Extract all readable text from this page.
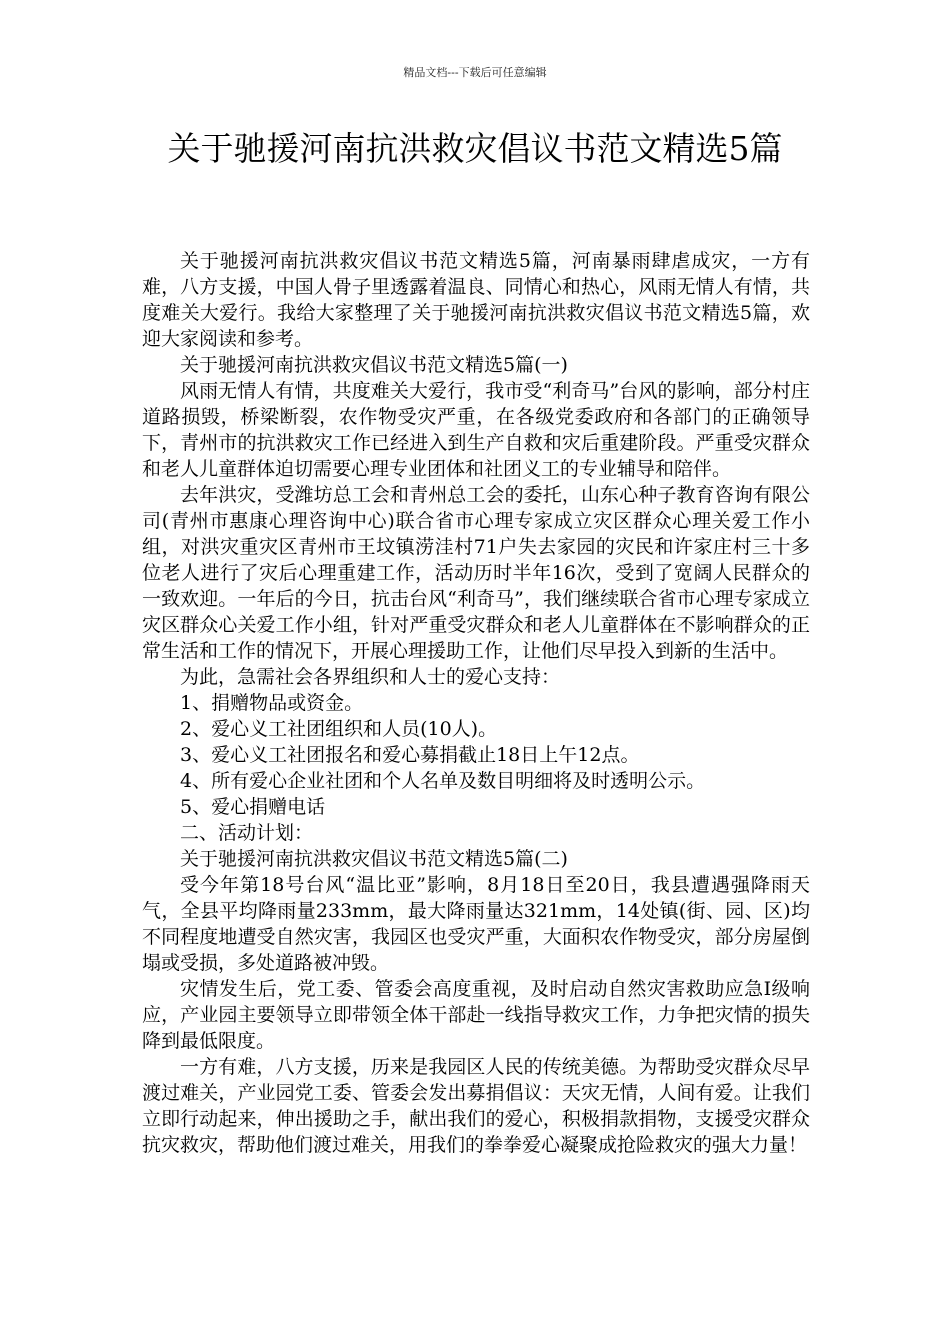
精品文档---下载后可任意编辑
关于驰援河南抗洪救灾倡议书范文精选5篇

关于驰援河南抗洪救灾倡议书范文精选5篇，河南暴雨肆虐成灾，一方有难，八方支援，中国人骨子里透露着温良、同情心和热心，风雨无情人有情，共度难关大爱行。我给大家整理了关于驰援河南抗洪救灾倡议书范文精选5篇，欢迎大家阅读和参考。

关于驰援河南抗洪救灾倡议书范文精选5篇(一)

风雨无情人有情，共度难关大爱行，我市受“利奇马”台风的影响，部分村庄道路损毁，桥梁断裂，农作物受灾严重，在各级党委政府和各部门的正确领导下，青州市的抗洪救灾工作已经进入到生产自救和灾后重建阶段。严重受灾群众和老人儿童群体迫切需要心理专业团体和社团义工的专业辅导和陪伴。

去年洪灾，受潍坊总工会和青州总工会的委托，山东心种子教育咨询有限公司(青州市惠康心理咨询中心)联合省市心理专家成立灾区群众心理关爱工作小组，对洪灾重灾区青州市王坟镇涝洼村71户失去家园的灾民和许家庄村三十多位老人进行了灾后心理重建工作，活动历时半年16次，受到了宽阔人民群众的一致欢迎。一年后的今日，抗击台风“利奇马”，我们继续联合省市心理专家成立灾区群众心关爱工作小组，针对严重受灾群众和老人儿童群体在不影响群众的正常生活和工作的情况下，开展心理援助工作，让他们尽早投入到新的生活中。

为此，急需社会各界组织和人士的爱心支持：

1、捐赠物品或资金。

2、爱心义工社团组织和人员(10人)。

3、爱心义工社团报名和爱心募捐截止18日上午12点。

4、所有爱心企业社团和个人名单及数目明细将及时透明公示。

5、爱心捐赠电话

二、活动计划：

关于驰援河南抗洪救灾倡议书范文精选5篇(二)

受今年第18号台风“温比亚”影响，8月18日至20日，我县遭遇强降雨天气，全县平均降雨量233mm，最大降雨量达321mm，14处镇(街、园、区)均不同程度地遭受自然灾害，我园区也受灾严重，大面积农作物受灾，部分房屋倒塌或受损，多处道路被冲毁。

灾情发生后，党工委、管委会高度重视，及时启动自然灾害救助应急Ⅰ级响应，产业园主要领导立即带领全体干部赴一线指导救灾工作，力争把灾情的损失降到最低限度。

一方有难，八方支援，历来是我园区人民的传统美德。为帮助受灾群众尽早渡过难关，产业园党工委、管委会发出募捐倡议：天灾无情，人间有爱。让我们立即行动起来，伸出援助之手，献出我们的爱心，积极捐款捐物，支援受灾群众抗灾救灾，帮助他们渡过难关，用我们的拳拳爱心凝聚成抢险救灾的强大力量！
